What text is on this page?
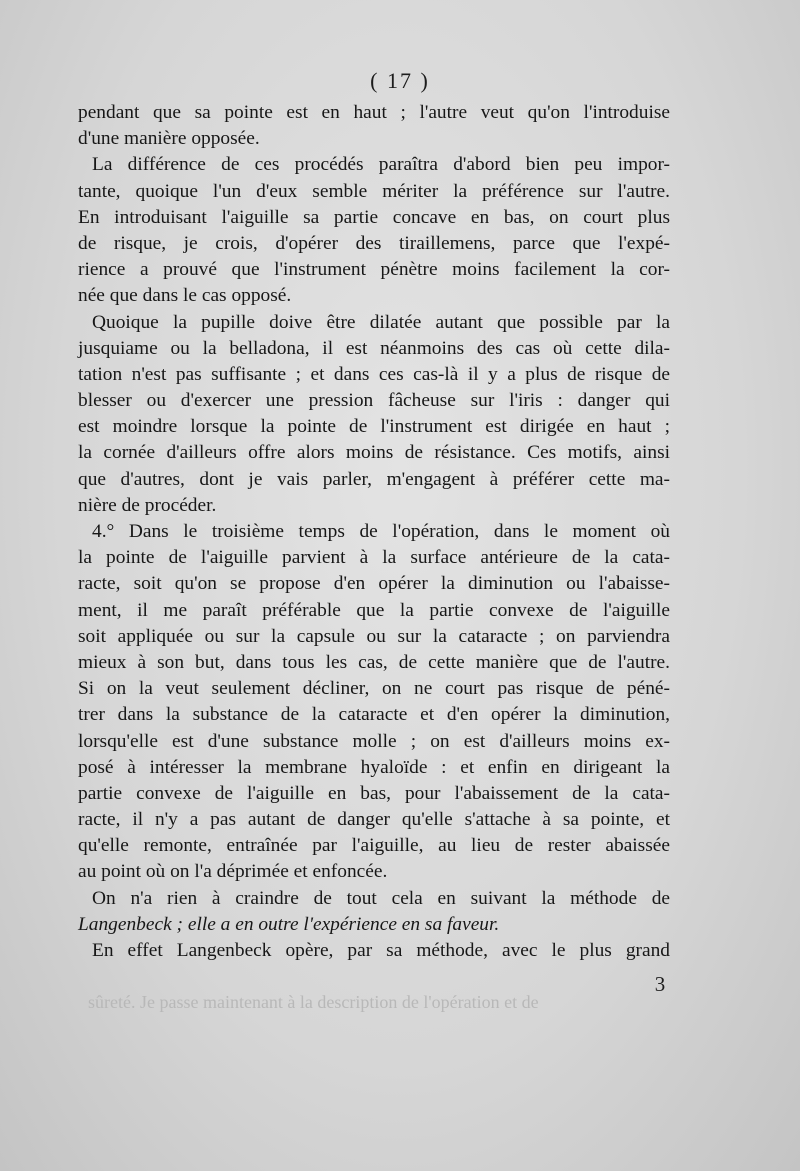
( 17 )
pendant que sa pointe est en haut ; l'autre veut qu'on l'introduise
d'une manière opposée.
La différence de ces procédés paraîtra d'abord bien peu impor-
tante, quoique l'un d'eux semble mériter la préférence sur l'autre.
En introduisant l'aiguille sa partie concave en bas, on court plus
de risque, je crois, d'opérer des tiraillemens, parce que l'expé-
rience a prouvé que l'instrument pénètre moins facilement la cor-
née que dans le cas opposé.
Quoique la pupille doive être dilatée autant que possible par la
jusquiame ou la belladona, il est néanmoins des cas où cette dila-
tation n'est pas suffisante ; et dans ces cas-là il y a plus de risque de
blesser ou d'exercer une pression fâcheuse sur l'iris : danger qui
est moindre lorsque la pointe de l'instrument est dirigée en haut ;
la cornée d'ailleurs offre alors moins de résistance. Ces motifs, ainsi
que d'autres, dont je vais parler, m'engagent à préférer cette ma-
nière de procéder.
4.° Dans le troisième temps de l'opération, dans le moment où
la pointe de l'aiguille parvient à la surface antérieure de la cata-
racte, soit qu'on se propose d'en opérer la diminution ou l'abaisse-
ment, il me paraît préférable que la partie convexe de l'aiguille
soit appliquée ou sur la capsule ou sur la cataracte ; on parviendra
mieux à son but, dans tous les cas, de cette manière que de l'autre.
Si on la veut seulement décliner, on ne court pas risque de péné-
trer dans la substance de la cataracte et d'en opérer la diminution,
lorsqu'elle est d'une substance molle ; on est d'ailleurs moins ex-
posé à intéresser la membrane hyaloïde : et enfin en dirigeant la
partie convexe de l'aiguille en bas, pour l'abaissement de la cata-
racte, il n'y a pas autant de danger qu'elle s'attache à sa pointe, et
qu'elle remonte, entraînée par l'aiguille, au lieu de rester abaissée
au point où on l'a déprimée et enfoncée.
On n'a rien à craindre de tout cela en suivant la méthode de
Langenbeck ; elle a en outre l'expérience en sa faveur.
En effet Langenbeck opère, par sa méthode, avec le plus grand
3
sûreté. Je passe maintenant à la description de l'opération et de
